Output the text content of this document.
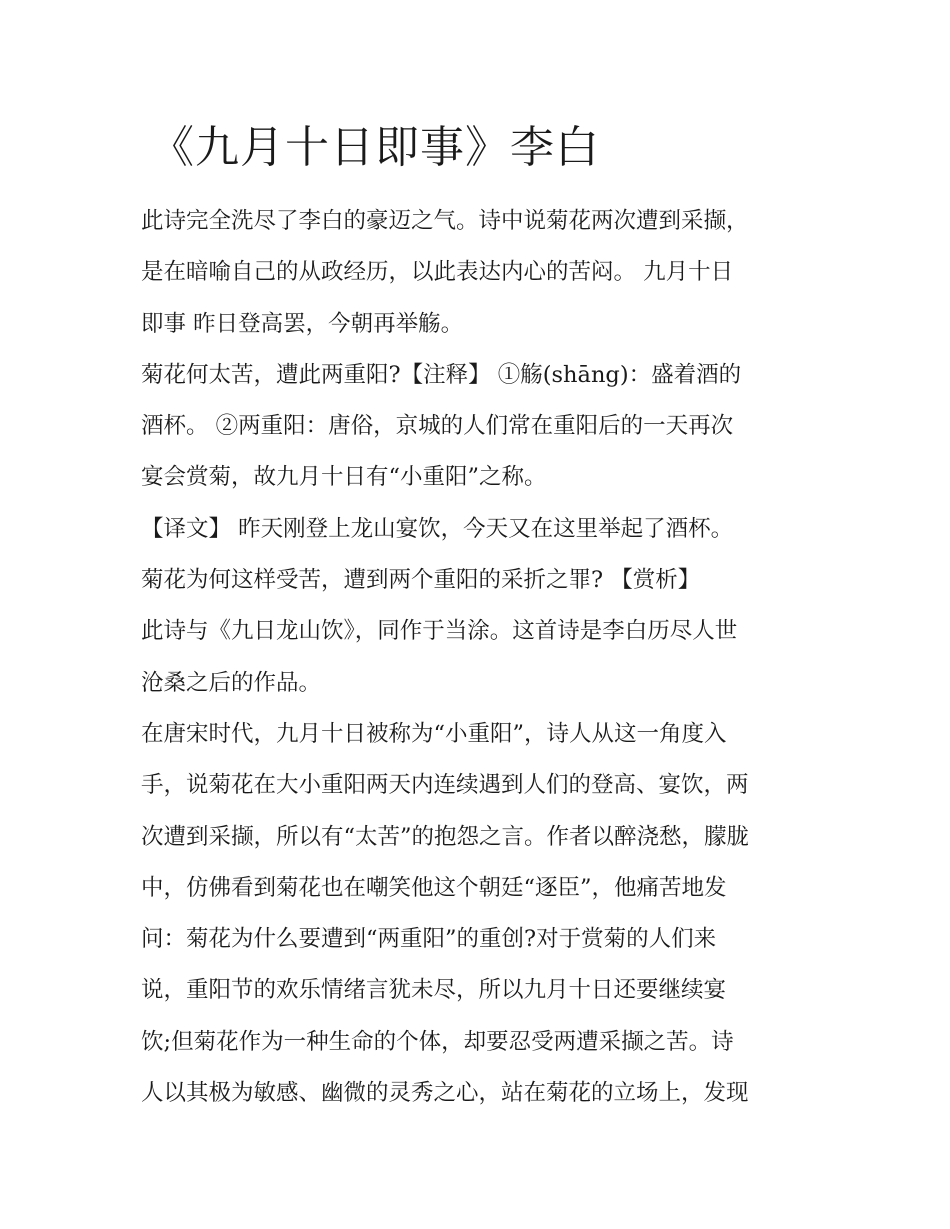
《九月十日即事》李白

此诗完全洗尽了李白的豪迈之气。诗中说菊花两次遭到采撷，

是在暗喻自己的从政经历，以此表达内心的苦闷。 九月十日

即事 昨日登高罢，今朝再举觞。

菊花何太苦，遭此两重阳?【注释】 ①觞(shāng)：盛着酒的

酒杯。 ②两重阳：唐俗，京城的人们常在重阳后的一天再次

宴会赏菊，故九月十日有“小重阳”之称。

【译文】 昨天刚登上龙山宴饮，今天又在这里举起了酒杯。

菊花为何这样受苦，遭到两个重阳的采折之罪? 【赏析】

此诗与《九日龙山饮》，同作于当涂。这首诗是李白历尽人世

沧桑之后的作品。

在唐宋时代，九月十日被称为“小重阳”，诗人从这一角度入

手，说菊花在大小重阳两天内连续遇到人们的登高、宴饮，两

次遭到采撷，所以有“太苦”的抱怨之言。作者以醉浇愁，朦胧

中，仿佛看到菊花也在嘲笑他这个朝廷“逐臣”，他痛苦地发

问：菊花为什么要遭到“两重阳”的重创?对于赏菊的人们来

说，重阳节的欢乐情绪言犹未尽，所以九月十日还要继续宴

饮;但菊花作为一种生命的个体，却要忍受两遭采撷之苦。诗

人以其极为敏感、幽微的灵秀之心，站在菊花的立场上，发现
